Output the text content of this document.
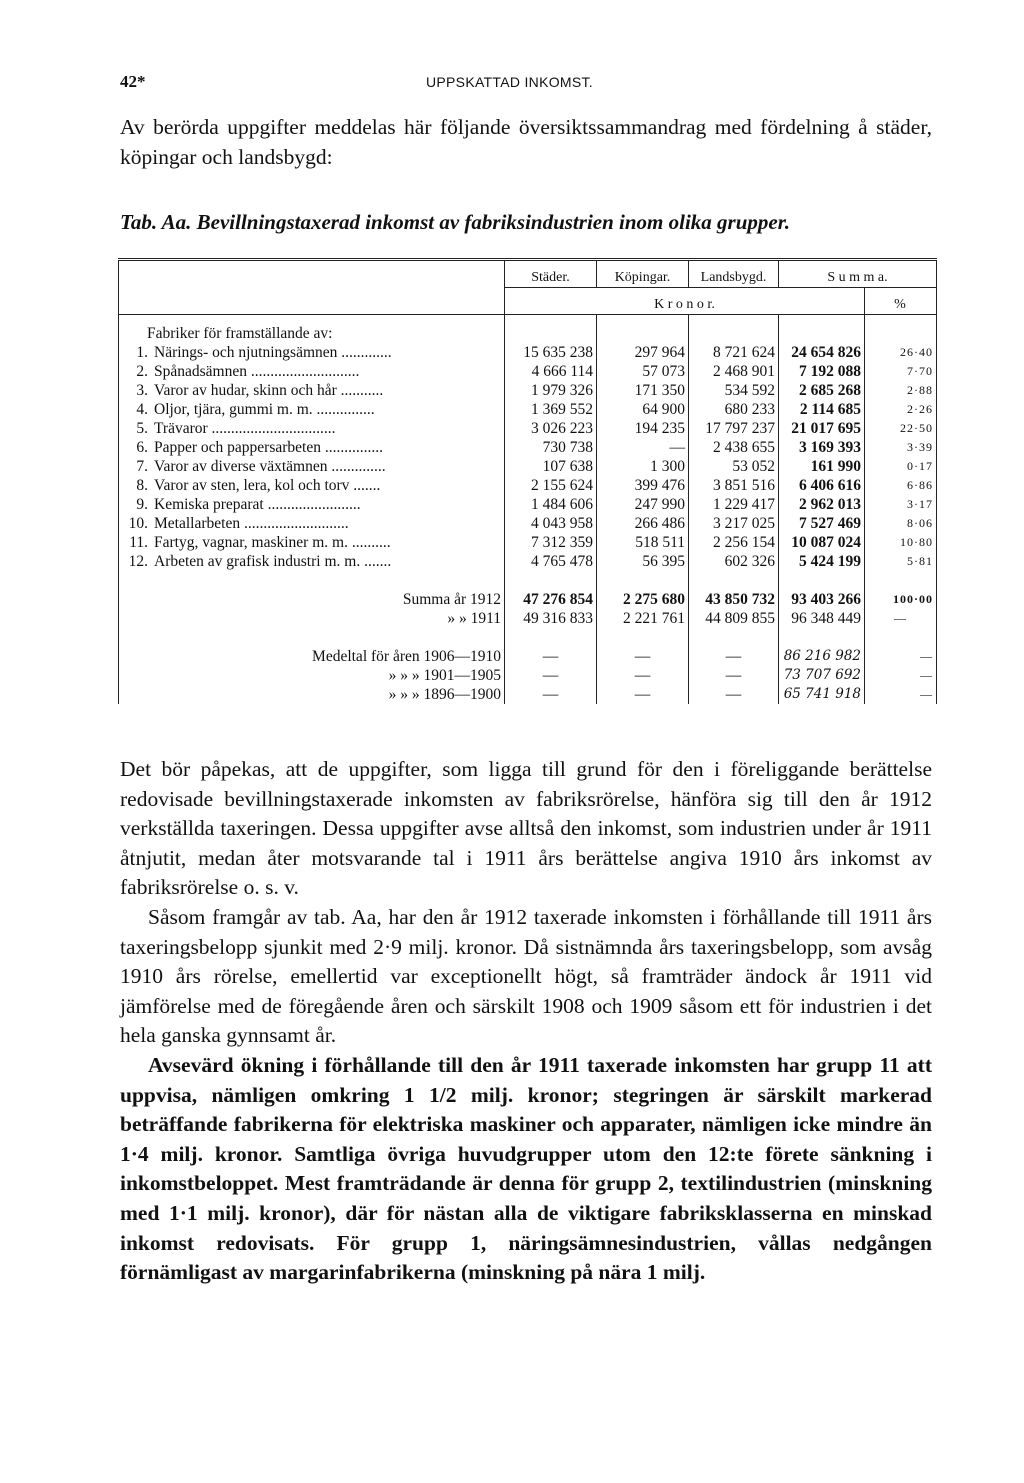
42*	UPPSKATTAD INKOMST.
Av berörda uppgifter meddelas här följande översiktssammandrag med fördelning å städer, köpingar och landsbygd:
Tab. Aa. Bevillningstaxerad inkomst av fabriksindustrien inom olika grupper.
	Städer.	Köpingar.	Landsbygd.	S u m m a.	
	K r o n o r.				%
Fabriker för framställande av:					
1. Närings- och njutningsämnen .............	15 635 238	297 964	8 721 624	24 654 826	26·40
2. Spånadsämnen ............................	4 666 114	57 073	2 468 901	7 192 088	7·70
3. Varor av hudar, skinn och hår ...........	1 979 326	171 350	534 592	2 685 268	2·88
4. Oljor, tjära, gummi m. m. ...............	1 369 552	64 900	680 233	2 114 685	2·26
5. Trävaror ................................	3 026 223	194 235	17 797 237	21 017 695	22·50
6. Papper och pappersarbeten ...............	730 738	—	2 438 655	3 169 393	3·39
7. Varor av diverse växtämnen ..............	107 638	1 300	53 052	161 990	0·17
8. Varor av sten, lera, kol och torv .......	2 155 624	399 476	3 851 516	6 406 616	6·86
9. Kemiska preparat ........................	1 484 606	247 990	1 229 417	2 962 013	3·17
10. Metallarbeten ...........................	4 043 958	266 486	3 217 025	7 527 469	8·06
11. Fartyg, vagnar, maskiner m. m. ..........	7 312 359	518 511	2 256 154	10 087 024	10·80
12. Arbeten av grafisk industri m. m. .......	4 765 478	56 395	602 326	5 424 199	5·81

Summa år 1912	47 276 854	2 275 680	43 850 732	93 403 266	100·00
» » 1911	49 316 833	2 221 761	44 809 855	96 348 449	—

Medeltal för åren 1906—1910	—	—	—	86 216 982	—
» » » 1901—1905	—	—	—	73 707 692	—
» » » 1896—1900	—	—	—	65 741 918	—

Det bör påpekas, att de uppgifter, som ligga till grund för den i föreliggande berättelse redovisade bevillningstaxerade inkomsten av fabriksrörelse, hänföra sig till den år 1912 verkställda taxeringen. Dessa uppgifter avse alltså den inkomst, som industrien under år 1911 åtnjutit, medan åter motsvarande tal i 1911 års berättelse angiva 1910 års inkomst av fabriksrörelse o. s. v.

Såsom framgår av tab. Aa, har den år 1912 taxerade inkomsten i förhållande till 1911 års taxeringsbelopp sjunkit med 2·9 milj. kronor. Då sistnämnda års taxeringsbelopp, som avsåg 1910 års rörelse, emellertid var exceptionellt högt, så framträder ändock år 1911 vid jämförelse med de föregående åren och särskilt 1908 och 1909 såsom ett för industrien i det hela ganska gynnsamt år.

Avsevärd ökning i förhållande till den år 1911 taxerade inkomsten har grupp 11 att uppvisa, nämligen omkring 1 1/2 milj. kronor; stegringen är särskilt markerad beträffande fabrikerna för elektriska maskiner och apparater, nämligen icke mindre än 1·4 milj. kronor. Samtliga övriga huvudgrupper utom den 12:te förete sänkning i inkomstbeloppet. Mest framträdande är denna för grupp 2, textilindustrien (minskning med 1·1 milj. kronor), där för nästan alla de viktigare fabriksklasserna en minskad inkomst redovisats. För grupp 1, näringsämnesindustrien, vållas nedgången förnämligast av margarinfabrikerna (minskning på nära 1 milj.
